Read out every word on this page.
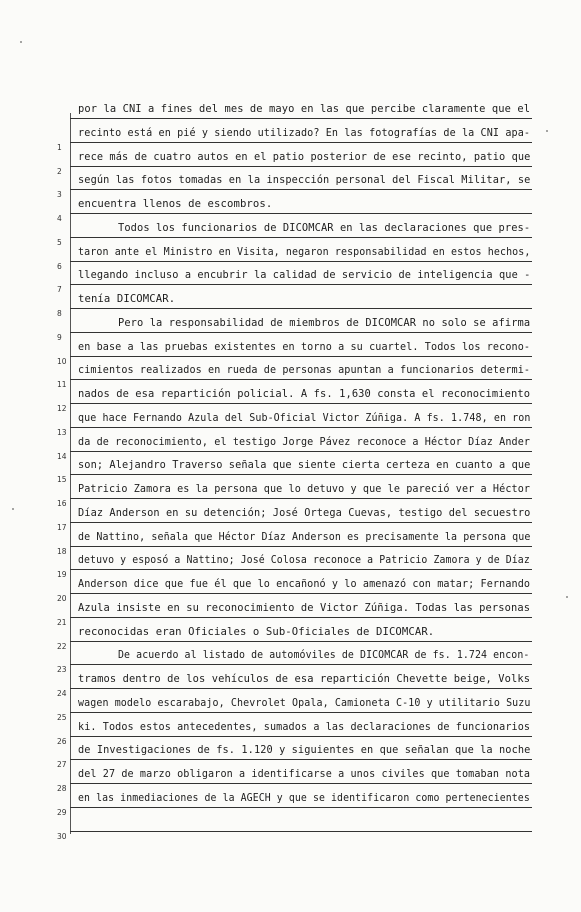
por la CNI a fines del mes de mayo en las que percibe claramente que el
recinto está en pié y siendo utilizado? En las fotografías de la CNI apa-
1
rece más de cuatro autos en el patio posterior de ese recinto, patio que
2
según las fotos tomadas en la inspección personal del Fiscal Militar, se
3
encuentra llenos de escombros.
4
Todos los funcionarios de DICOMCAR en las declaraciones que pres-
5
taron ante el Ministro en Visita, negaron responsabilidad en estos hechos,
6
llegando incluso a encubrir la calidad de servicio de inteligencia que -
7
tenía DICOMCAR.
8
Pero la responsabilidad de miembros de DICOMCAR no solo se afirma
9
en base a las pruebas existentes en torno a su cuartel. Todos los recono-
10
cimientos realizados en rueda de personas apuntan a funcionarios determi-
11
nados de esa repartición policial. A fs. 1,630 consta el reconocimiento
12
que hace Fernando Azula del Sub-Oficial Victor Zúñiga. A fs. 1.748, en ron
13
da de reconocimiento, el testigo Jorge Pávez reconoce a Héctor Díaz Ander
14
son; Alejandro Traverso señala que siente cierta certeza en cuanto a que
15
Patricio Zamora es la persona que lo detuvo y que le pareció ver a Héctor
16
Díaz Anderson en su detención; José Ortega Cuevas, testigo del secuestro
17
de Nattino, señala que Héctor Díaz Anderson es precisamente la persona que
18
detuvo y esposó a Nattino; José Colosa reconoce a Patricio Zamora y de Díaz
19
Anderson dice que fue él que lo encañonó y lo amenazó con matar; Fernando
20
Azula insiste en su reconocimiento de Victor Zúñiga. Todas las personas
21
reconocidas eran Oficiales o Sub-Oficiales de DICOMCAR.
22
De acuerdo al listado de automóviles de DICOMCAR de fs. 1.724 encon-
23
tramos dentro de los vehículos de esa repartición Chevette beige, Volks
24
wagen modelo escarabajo, Chevrolet Opala, Camioneta C-10 y utilitario Suzu
25
ki. Todos estos antecedentes, sumados a las declaraciones de funcionarios
26
de Investigaciones de fs. 1.120 y siguientes en que señalan que la noche
27
del 27 de marzo obligaron a identificarse a unos civiles que tomaban nota
28
en las inmediaciones de la AGECH y que se identificaron como pertenecientes
29
30
